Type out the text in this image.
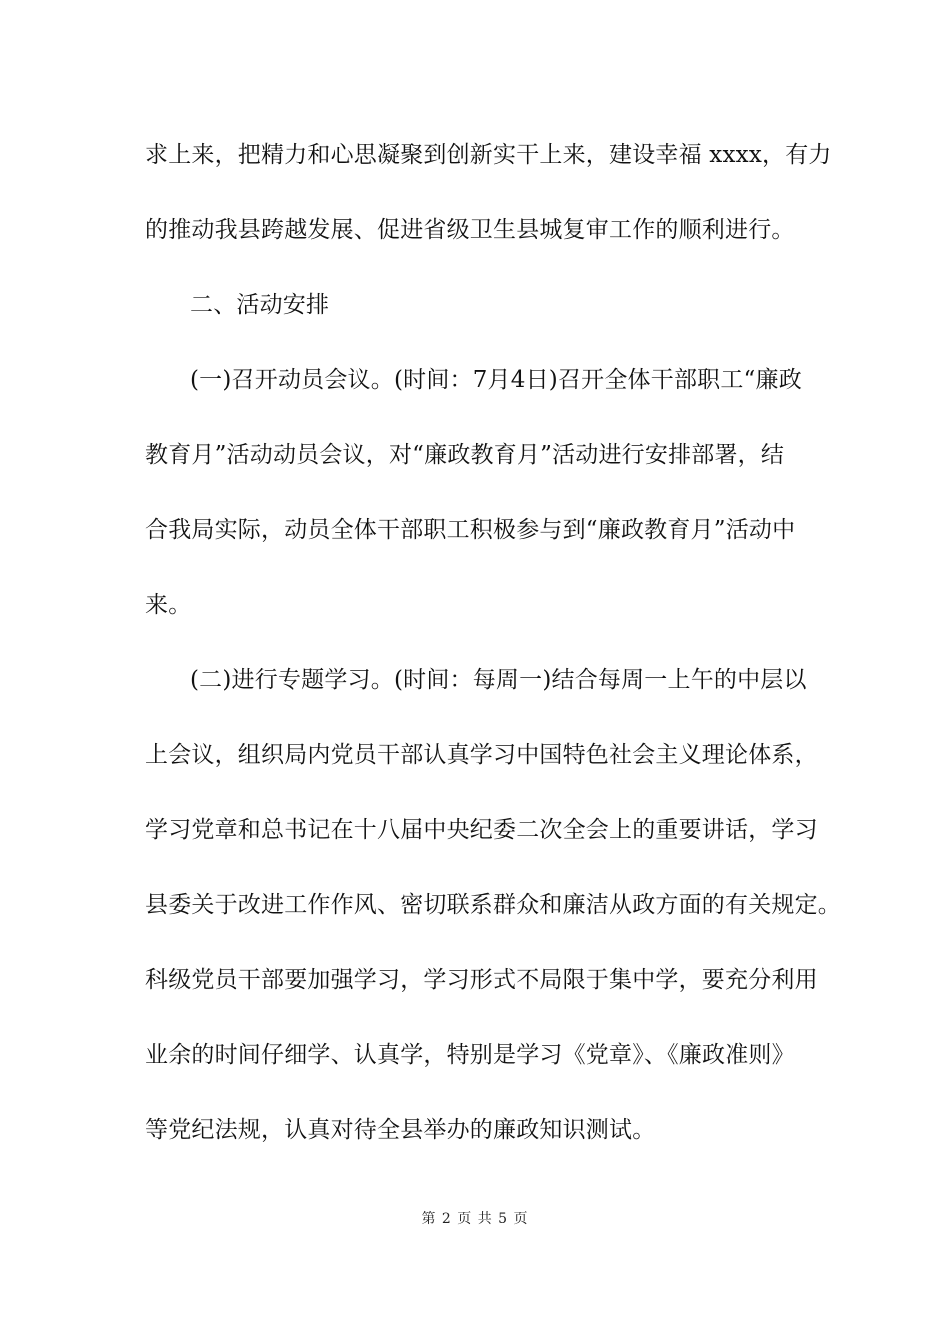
求上来，把精力和心思凝聚到创新实干上来，建设幸福 xxxx，有力
的推动我县跨越发展、促进省级卫生县城复审工作的顺利进行。
二、活动安排
(一)召开动员会议。(时间：7月4日)召开全体干部职工“廉政
教育月”活动动员会议，对“廉政教育月”活动进行安排部署，结
合我局实际，动员全体干部职工积极参与到“廉政教育月”活动中
来。
(二)进行专题学习。(时间：每周一)结合每周一上午的中层以
上会议，组织局内党员干部认真学习中国特色社会主义理论体系，
学习党章和总书记在十八届中央纪委二次全会上的重要讲话，学习
县委关于改进工作作风、密切联系群众和廉洁从政方面的有关规定。
科级党员干部要加强学习，学习形式不局限于集中学，要充分利用
业余的时间仔细学、认真学，特别是学习《党章》、《廉政准则》
等党纪法规，认真对待全县举办的廉政知识测试。
第 2 页 共 5 页
